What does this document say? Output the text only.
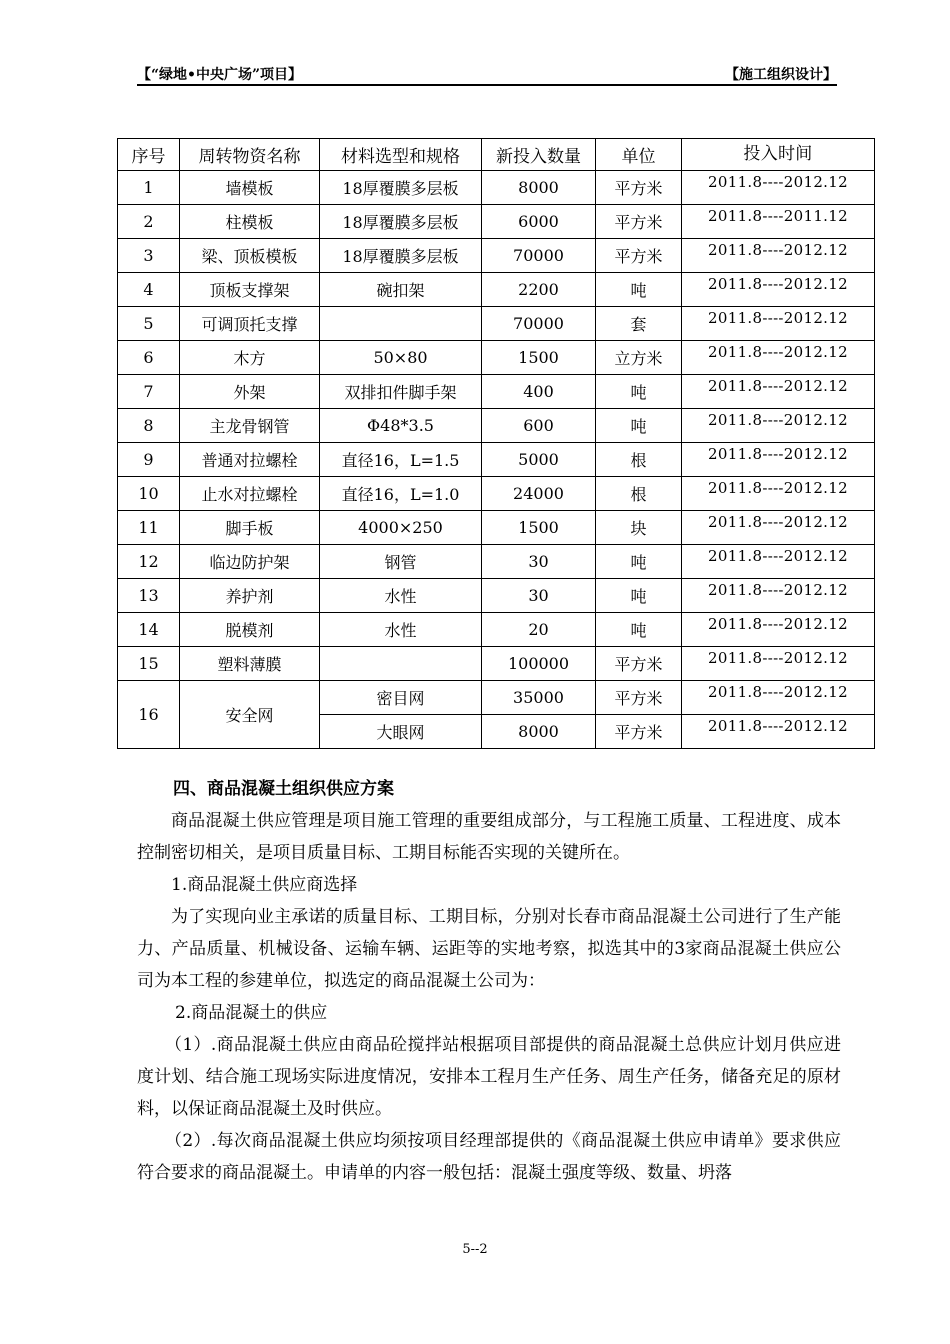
【“绿地•中央广场”项目】	【施工组织设计】
序号	周转物资名称	材料选型和规格	新投入数量	单位	投入时间
1	墙模板	18厚覆膜多层板	8000	平方米	2011.8----2012.12
2	柱模板	18厚覆膜多层板	6000	平方米	2011.8----2011.12
3	梁、顶板模板	18厚覆膜多层板	70000	平方米	2011.8----2012.12
4	顶板支撑架	碗扣架	2200	吨	2011.8----2012.12
5	可调顶托支撑		70000	套	2011.8----2012.12
6	木方	50×80	1500	立方米	2011.8----2012.12
7	外架	双排扣件脚手架	400	吨	2011.8----2012.12
8	主龙骨钢管	Φ48*3.5	600	吨	2011.8----2012.12
9	普通对拉螺栓	直径16，L=1.5	5000	根	2011.8----2012.12
10	止水对拉螺栓	直径16，L=1.0	24000	根	2011.8----2012.12
11	脚手板	4000×250	1500	块	2011.8----2012.12
12	临边防护架	钢管	30	吨	2011.8----2012.12
13	养护剂	水性	30	吨	2011.8----2012.12
14	脱模剂	水性	20	吨	2011.8----2012.12
15	塑料薄膜		100000	平方米	2011.8----2012.12
16	安全网	密目网	35000	平方米	2011.8----2012.12
		大眼网	8000	平方米	2011.8----2012.12
四、商品混凝土组织供应方案

商品混凝土供应管理是项目施工管理的重要组成部分，与工程施工质量、工程进度、成本控制密切相关，是项目质量目标、工期目标能否实现的关键所在。

1.商品混凝土供应商选择

为了实现向业主承诺的质量目标、工期目标，分别对长春市商品混凝土公司进行了生产能力、产品质量、机械设备、运输车辆、运距等的实地考察，拟选其中的3家商品混凝土供应公司为本工程的参建单位，拟选定的商品混凝土公司为：

2.商品混凝土的供应

（1）.商品混凝土供应由商品砼搅拌站根据项目部提供的商品混凝土总供应计划月供应进度计划、结合施工现场实际进度情况，安排本工程月生产任务、周生产任务，储备充足的原材料，以保证商品混凝土及时供应。

（2）.每次商品混凝土供应均须按项目经理部提供的《商品混凝土供应申请单》要求供应符合要求的商品混凝土。申请单的内容一般包括：混凝土强度等级、数量、坍落

5--2
